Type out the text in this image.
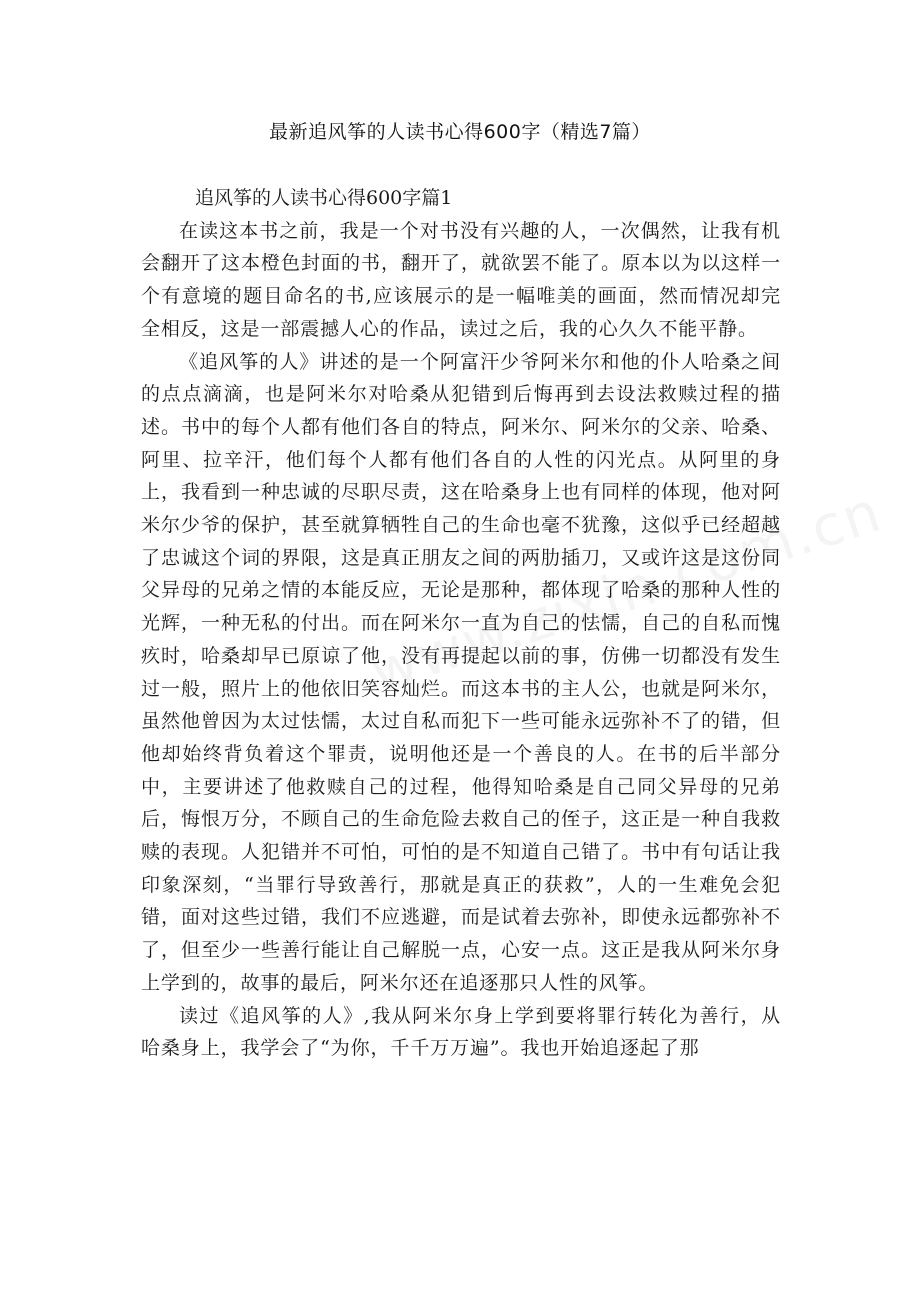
最新追风筝的人读书心得600字（精选7篇）
追风筝的人读书心得600字篇1

在读这本书之前，我是一个对书没有兴趣的人，一次偶然，让我有机会翻开了这本橙色封面的书，翻开了，就欲罢不能了。原本以为以这样一个有意境的题目命名的书,应该展示的是一幅唯美的画面，然而情况却完全相反，这是一部震撼人心的作品，读过之后，我的心久久不能平静。

《追风筝的人》讲述的是一个阿富汗少爷阿米尔和他的仆人哈桑之间的点点滴滴，也是阿米尔对哈桑从犯错到后悔再到去设法救赎过程的描述。书中的每个人都有他们各自的特点，阿米尔、阿米尔的父亲、哈桑、阿里、拉辛汗，他们每个人都有他们各自的人性的闪光点。从阿里的身上，我看到一种忠诚的尽职尽责，这在哈桑身上也有同样的体现，他对阿米尔少爷的保护，甚至就算牺牲自己的生命也毫不犹豫，这似乎已经超越了忠诚这个词的界限，这是真正朋友之间的两肋插刀，又或许这是这份同父异母的兄弟之情的本能反应，无论是那种，都体现了哈桑的那种人性的光辉，一种无私的付出。而在阿米尔一直为自己的怯懦，自己的自私而愧疚时，哈桑却早已原谅了他，没有再提起以前的事，仿佛一切都没有发生过一般，照片上的他依旧笑容灿烂。而这本书的主人公，也就是阿米尔，虽然他曾因为太过怯懦，太过自私而犯下一些可能永远弥补不了的错，但他却始终背负着这个罪责，说明他还是一个善良的人。在书的后半部分中，主要讲述了他救赎自己的过程，他得知哈桑是自己同父异母的兄弟后，悔恨万分，不顾自己的生命危险去救自己的侄子，这正是一种自我救赎的表现。人犯错并不可怕，可怕的是不知道自己错了。书中有句话让我印象深刻，“当罪行导致善行，那就是真正的获救”，人的一生难免会犯错，面对这些过错，我们不应逃避，而是试着去弥补，即使永远都弥补不了，但至少一些善行能让自己解脱一点，心安一点。这正是我从阿米尔身上学到的，故事的最后，阿米尔还在追逐那只人性的风筝。

读过《追风筝的人》,我从阿米尔身上学到要将罪行转化为善行，从哈桑身上，我学会了“为你，千千万万遍”。我也开始追逐起了那
